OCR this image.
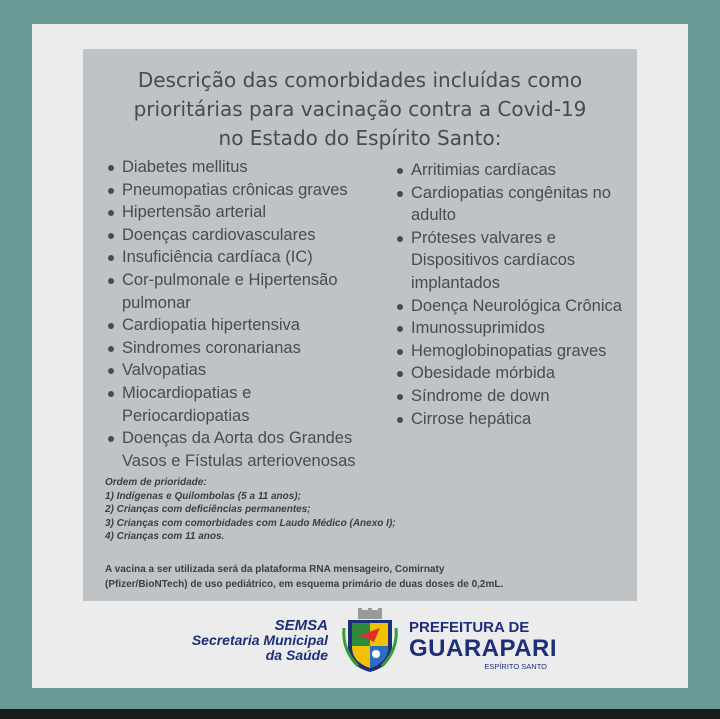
Descrição das comorbidades incluídas como
prioritárias para vacinação contra a Covid-19
no Estado do Espírito Santo:
Diabetes mellitus
Pneumopatias crônicas graves
Hipertensão arterial
Doenças cardiovasculares
Insuficiência cardíaca (IC)
Cor-pulmonale e Hipertensão
pulmonar
Cardiopatia hipertensiva
Sindromes coronarianas
Valvopatias
Miocardiopatias e
Periocardiopatias
Doenças da Aorta dos Grandes
Vasos e Fístulas arteriovenosas
Arritimias cardíacas
Cardiopatias congênitas no
adulto
Próteses valvares e
Dispositivos cardíacos
implantados
Doença Neurológica Crônica
Imunossuprimidos
Hemoglobinopatias graves
Obesidade mórbida
Síndrome de down
Cirrose hepática
Ordem de prioridade:
1) Indígenas e Quilombolas (5 a 11 anos);
2) Crianças com deficiências permanentes;
3) Crianças com comorbidades com Laudo Médico (Anexo I);
4) Crianças com 11 anos.
A vacina a ser utilizada será da plataforma RNA mensageiro, Comirnaty
(Pfizer/BioNTech) de uso pediátrico, em esquema primário de duas doses de 0,2mL.
SEMSA
Secretaria Municipal
da Saúde
PREFEITURA DE
GUARAPARI
ESPÍRITO SANTO
